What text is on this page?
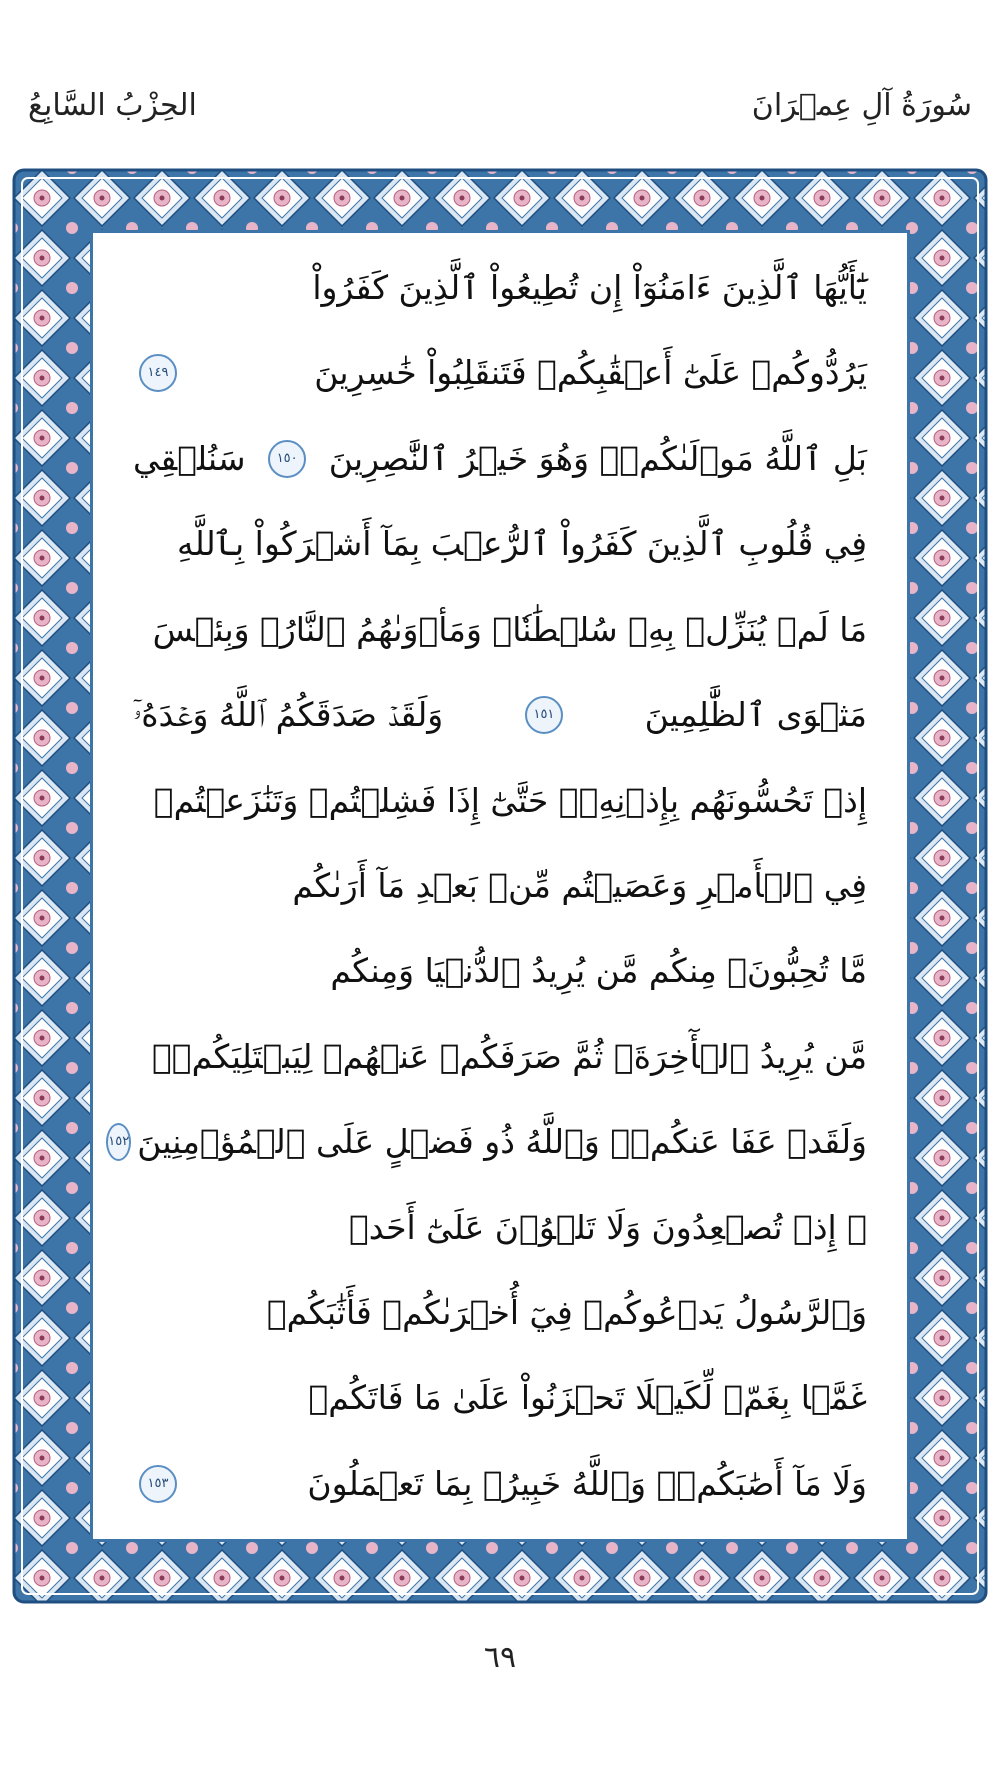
سُورَةُ آلِ عِمۡرَانَ
الحِزْبُ السَّابِعُ
يَٰٓأَيُّهَا ٱلَّذِينَ ءَامَنُوٓاْ إِن تُطِيعُواْ ٱلَّذِينَ كَفَرُواْ
يَرُدُّوكُمۡ عَلَىٰٓ أَعۡقَٰبِكُمۡ فَتَنقَلِبُواْ خَٰسِرِينَ
١٤٩
بَلِ ٱللَّهُ مَوۡلَىٰكُمۡۖ وَهُوَ خَيۡرُ ٱلنَّٰصِرِينَ
١٥٠
سَنُلۡقِي
فِي قُلُوبِ ٱلَّذِينَ كَفَرُواْ ٱلرُّعۡبَ بِمَآ أَشۡرَكُواْ بِٱللَّهِ
مَا لَمۡ يُنَزِّلۡ بِهِۦ سُلۡطَٰنٗاۖ وَمَأۡوَىٰهُمُ ٱلنَّارُۖ وَبِئۡسَ
مَثۡوَى ٱلظَّٰلِمِينَ
١٥١
وَلَقَدۡ صَدَقَكُمُ ٱللَّهُ وَعۡدَهُۥٓ
إِذۡ تَحُسُّونَهُم بِإِذۡنِهِۦۖ حَتَّىٰٓ إِذَا فَشِلۡتُمۡ وَتَنَٰزَعۡتُمۡ
فِي ٱلۡأَمۡرِ وَعَصَيۡتُم مِّنۢ بَعۡدِ مَآ أَرَىٰكُم
مَّا تُحِبُّونَۚ مِنكُم مَّن يُرِيدُ ٱلدُّنۡيَا وَمِنكُم
مَّن يُرِيدُ ٱلۡأٓخِرَةَۚ ثُمَّ صَرَفَكُمۡ عَنۡهُمۡ لِيَبۡتَلِيَكُمۡۖ
وَلَقَدۡ عَفَا عَنكُمۡۗ وَٱللَّهُ ذُو فَضۡلٍ عَلَى ٱلۡمُؤۡمِنِينَ
١٥٢
۞ إِذۡ تُصۡعِدُونَ وَلَا تَلۡوُۥنَ عَلَىٰٓ أَحَدٖ
وَٱلرَّسُولُ يَدۡعُوكُمۡ فِيٓ أُخۡرَىٰكُمۡ فَأَثَٰبَكُمۡ
غَمَّۢا بِغَمّٖ لِّكَيۡلَا تَحۡزَنُواْ عَلَىٰ مَا فَاتَكُمۡ
وَلَا مَآ أَصَٰبَكُمۡۗ وَٱللَّهُ خَبِيرُۢ بِمَا تَعۡمَلُونَ
١٥٣
٦٩
